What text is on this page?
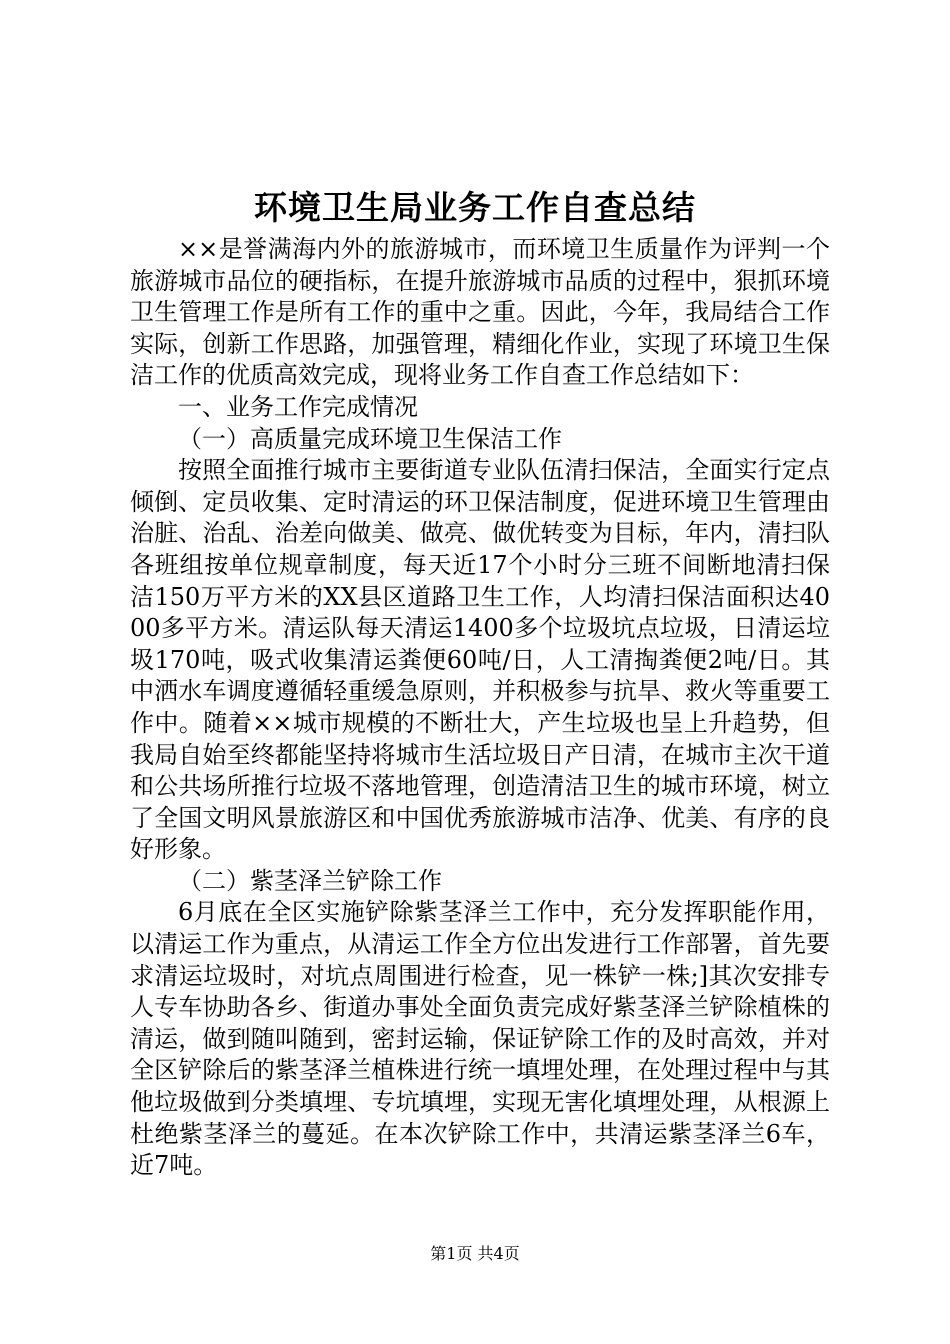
环境卫生局业务工作自查总结

××是誉满海内外的旅游城市，而环境卫生质量作为评判一个旅游城市品位的硬指标，在提升旅游城市品质的过程中，狠抓环境卫生管理工作是所有工作的重中之重。因此，今年，我局结合工作实际，创新工作思路，加强管理，精细化作业，实现了环境卫生保洁工作的优质高效完成，现将业务工作自查工作总结如下：

一、业务工作完成情况

（一）高质量完成环境卫生保洁工作

按照全面推行城市主要街道专业队伍清扫保洁，全面实行定点倾倒、定员收集、定时清运的环卫保洁制度，促进环境卫生管理由治脏、治乱、治差向做美、做亮、做优转变为目标，年内，清扫队各班组按单位规章制度，每天近17个小时分三班不间断地清扫保洁150万平方米的XX县区道路卫生工作，人均清扫保洁面积达4000多平方米。清运队每天清运1400多个垃圾坑点垃圾，日清运垃圾170吨，吸式收集清运粪便60吨/日，人工清掏粪便2吨/日。其中洒水车调度遵循轻重缓急原则，并积极参与抗旱、救火等重要工作中。随着××城市规模的不断壮大，产生垃圾也呈上升趋势，但我局自始至终都能坚持将城市生活垃圾日产日清，在城市主次干道和公共场所推行垃圾不落地管理，创造清洁卫生的城市环境，树立了全国文明风景旅游区和中国优秀旅游城市洁净、优美、有序的良好形象。

（二）紫茎泽兰铲除工作

6月底在全区实施铲除紫茎泽兰工作中，充分发挥职能作用，以清运工作为重点，从清运工作全方位出发进行工作部署，首先要求清运垃圾时，对坑点周围进行检查，见一株铲一株;]其次安排专人专车协助各乡、街道办事处全面负责完成好紫茎泽兰铲除植株的清运，做到随叫随到，密封运输，保证铲除工作的及时高效，并对全区铲除后的紫茎泽兰植株进行统一填埋处理，在处理过程中与其他垃圾做到分类填埋、专坑填埋，实现无害化填埋处理，从根源上杜绝紫茎泽兰的蔓延。在本次铲除工作中，共清运紫茎泽兰6车，近7吨。

第1页 共4页
